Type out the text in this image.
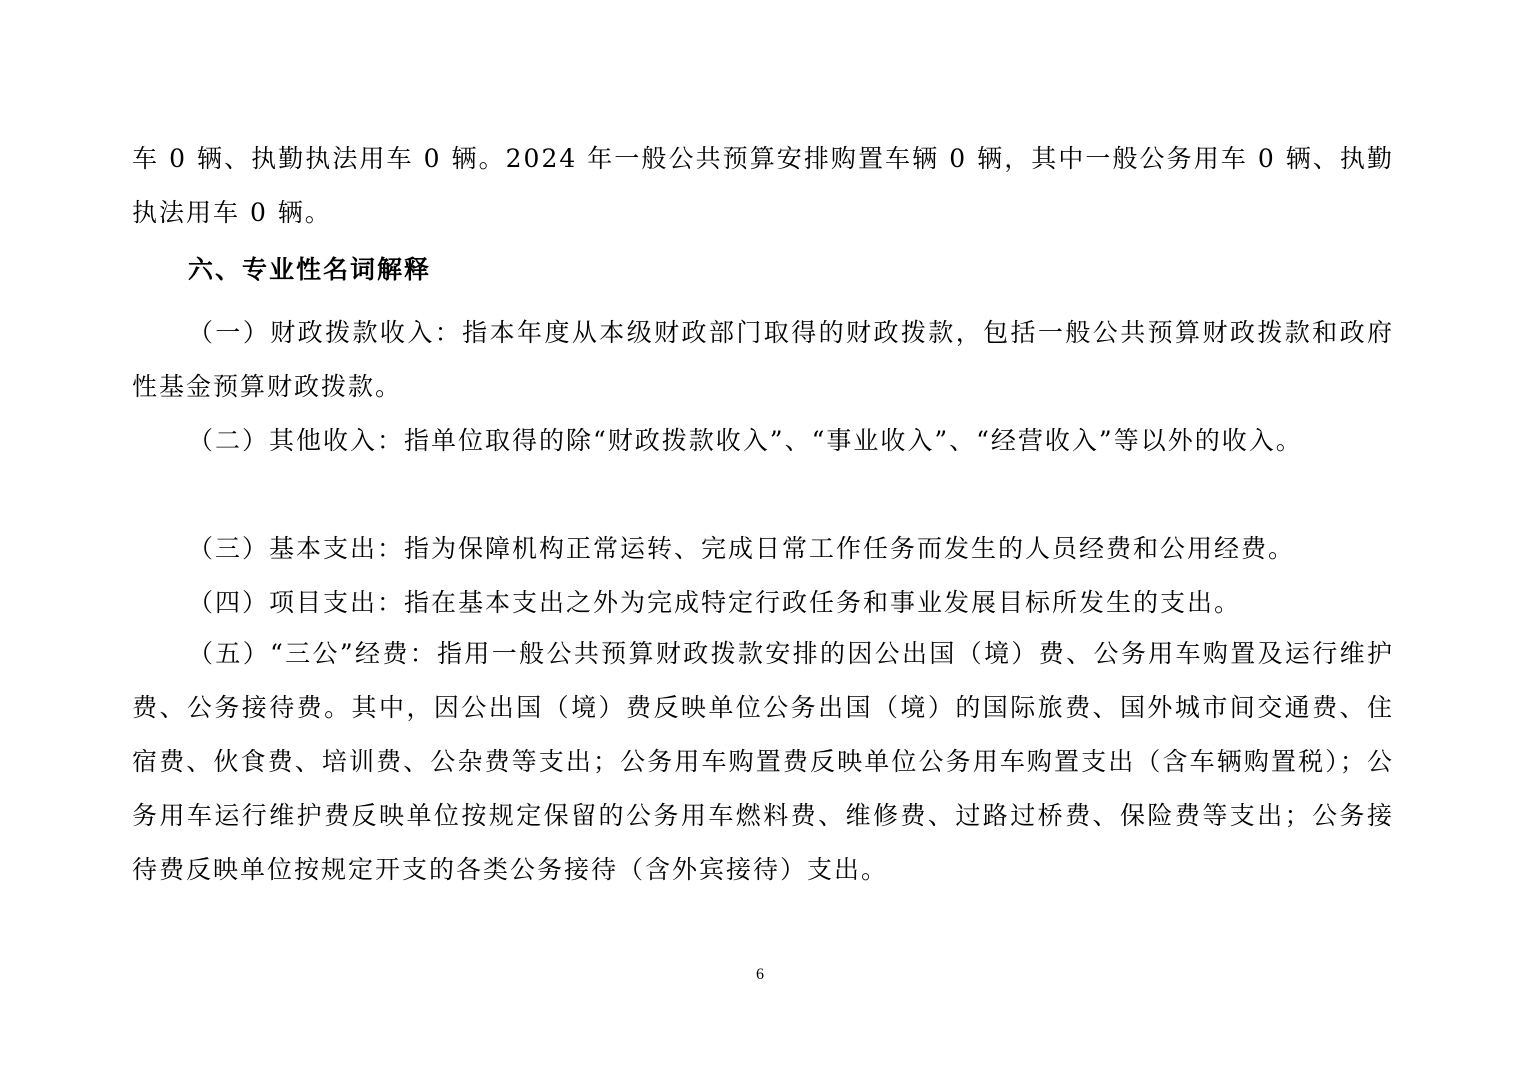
车 0 辆、执勤执法用车 0 辆。2024 年一般公共预算安排购置车辆 0 辆，其中一般公务用车 0 辆、执勤执法用车 0 辆。

六、专业性名词解释

（一）财政拨款收入：指本年度从本级财政部门取得的财政拨款，包括一般公共预算财政拨款和政府性基金预算财政拨款。

（二）其他收入：指单位取得的除“财政拨款收入”、“事业收入”、“经营收入”等以外的收入。

（三）基本支出：指为保障机构正常运转、完成日常工作任务而发生的人员经费和公用经费。

（四）项目支出：指在基本支出之外为完成特定行政任务和事业发展目标所发生的支出。

（五）“三公”经费：指用一般公共预算财政拨款安排的因公出国（境）费、公务用车购置及运行维护费、公务接待费。其中，因公出国（境）费反映单位公务出国（境）的国际旅费、国外城市间交通费、住宿费、伙食费、培训费、公杂费等支出；公务用车购置费反映单位公务用车购置支出（含车辆购置税）；公务用车运行维护费反映单位按规定保留的公务用车燃料费、维修费、过路过桥费、保险费等支出；公务接待费反映单位按规定开支的各类公务接待（含外宾接待）支出。

6
